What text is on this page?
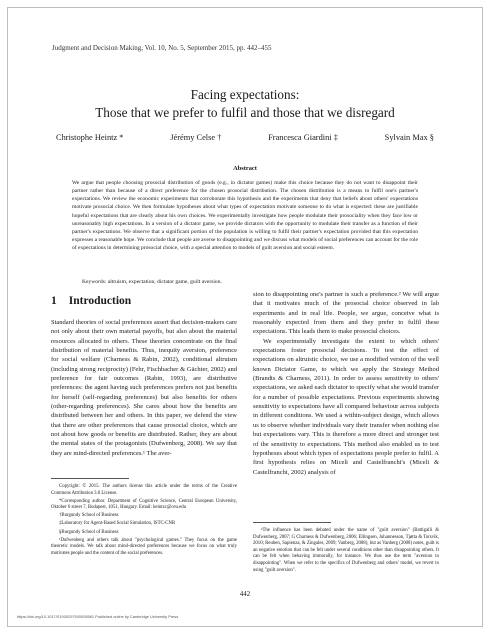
Judgment and Decision Making, Vol. 10, No. 5, September 2015, pp. 442–455
Facing expectations:
Those that we prefer to fulfil and those that we disregard
Christophe Heintz *	Jérémy Celse †	Francesca Giardini ‡	Sylvain Max §
Abstract

We argue that people choosing prosocial distribution of goods (e.g., in dictator games) make this choice because they do not want to disappoint their partner rather than because of a direct preference for the chosen prosocial distribution. The chosen distribution is a means to fulfil one's partner's expectations. We review the economic experiments that corroborate this hypothesis and the experiments that deny that beliefs about others' expectations motivate prosocial choice. We then formulate hypotheses about what types of expectation motivate someone to do what is expected: these are justifiable hopeful expectations that are clearly about his own choices. We experimentally investigate how people modulate their prosociality when they face low or unreasonably high expectations. In a version of a dictator game, we provide dictators with the opportunity to modulate their transfer as a function of their partner's expectations. We observe that a significant portion of the population is willing to fulfil their partner's expectation provided that this expectation expresses a reasonable hope. We conclude that people are averse to disappointing and we discuss what models of social preferences can account for the role of expectations in determining prosocial choice, with a special attention to models of guilt aversion and social esteem.

Keywords: altruism, expectation, dictator game, guilt aversion.

1 Introduction

Standard theories of social preferences assert that decision-makers care not only about their own material payoffs, but also about the material resources allocated to others. These theories concentrate on the final distribution of material benefits. Thus, inequity aversion, preference for social welfare (Charness & Rabin, 2002), conditional altruism (including strong reciprocity) (Fehr, Fischbacher & Gächter, 2002) and preference for fair outcomes (Rabin, 1993), are distributive preferences: the agent having such preferences prefers not just benefits for herself (self-regarding preferences) but also benefits for others (other-regarding preferences). She cares about how the benefits are distributed between her and others. In this paper, we defend the view that there are other preferences that cause prosocial choice, which are not about how goods or benefits are distributed. Rather, they are about the mental states of the protagonists (Dufwenberg, 2008). We say that they are mind-directed preferences.¹ The aver-

sion to disappointing one's partner is such a preference.² We will argue that it motivates much of the prosocial choice observed in lab experiments and in real life. People, we argue, conceive what is reasonably expected from them and they prefer to fulfil these expectations. This leads them to make prosocial choices.

We experimentally investigate the extent to which others' expectations foster prosocial decisions. To test the effect of expectations on altruistic choice, we use a modified version of the well known Dictator Game, to which we apply the Strategy Method (Brandts & Charness, 2011). In order to assess sensitivity to others' expectations, we asked each dictator to specify what she would transfer for a number of possible expectations. Previous experiments showing sensitivity to expectations have all compared behaviour across subjects in different conditions. We used a within-subject design, which allows us to observe whether individuals vary their transfer when nothing else but expectations vary. This is therefore a more direct and stronger test of the sensitivity to expectations. This method also enabled us to test hypotheses about which types of expectations people prefer to fulfil. A first hypothesis relies on Miceli and Castelfranchi's (Miceli & Castelfranchi, 2002) analysis of

Copyright: © 2015. The authors license this article under the terms of the Creative Commons Attribution 3.0 License.

*Corresponding author. Department of Cognitive Science, Central European University, Oktober 6 street 7, Budapest, 1051, Hungary. Email: heintzc@ceu.edu

†Burgundy School of Business

‡Laboratory for Agent-Based Social Simulation, ISTC-CNR

§Burgundy School of Business

¹Dufwenberg and others talk about "psychological games." They focus on the game theoretic models. We talk about mind-directed preferences because we focus on what truly motivates people and the content of the social preferences.

²The influence has been debated under the name of "guilt aversion" (Battigalli & Dufwenberg, 2007; G Charness & Dufwenberg, 2006; Ellingsen, Johannesson, Tjøtta & Torsvik, 2010; Reuben, Sapienza, & Zingales, 2009; Vanberg, 2008), but as Vanberg (2008) notes, guilt is an negative emotion that can be felt under several conditions other than disappointing others. It can be felt when behaving immorally, for instance. We thus use the term "aversion to disappointing". When we refer to the specifics of Dufwenberg and others' model, we revert to using "guilt aversion".

442
https://doi.org/10.1017/S1930297500005581 Published online by Cambridge University Press
